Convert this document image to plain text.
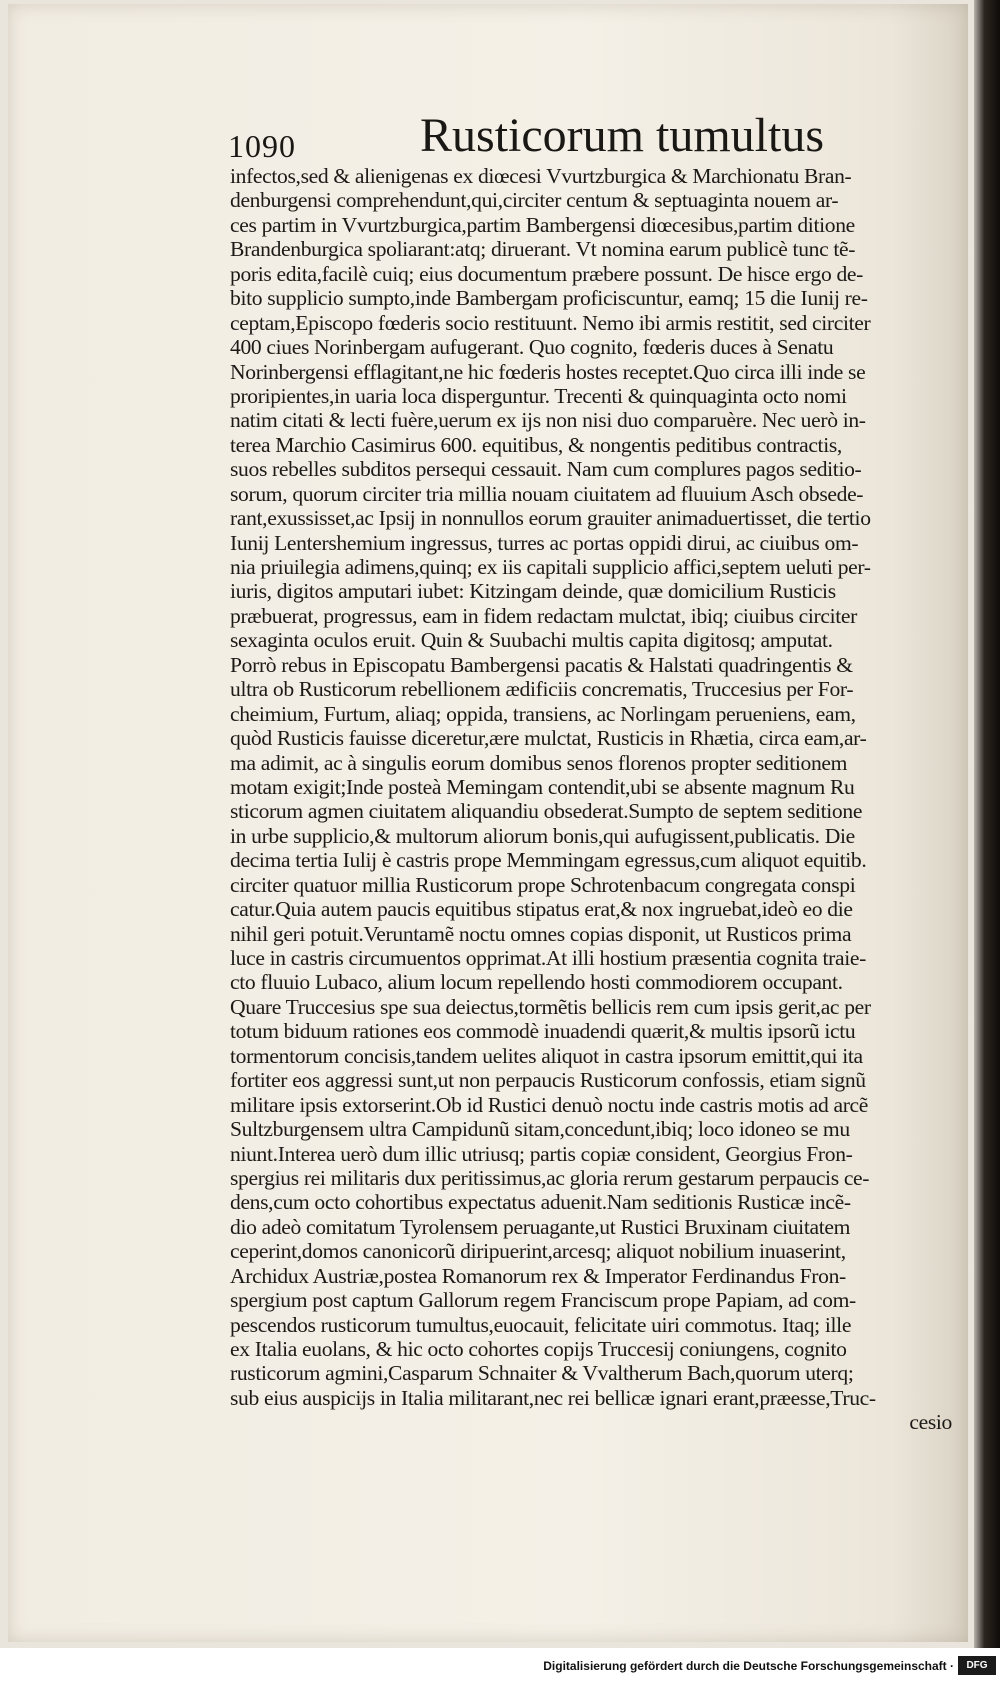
1090	Rusticorum tumultus
infectos,sed & alienigenas ex diœcesi Vvurtzburgica & Marchionatu Bran-
denburgensi comprehendunt,qui,circiter centum & septuaginta nouem ar-
ces partim in Vvurtzburgica,partim Bambergensi diœcesibus,partim ditione
Brandenburgica spoliarant:atq; diruerant. Vt nomina earum publicè tunc tẽ-
poris edita,facilè cuiq; eius documentum præbere possunt. De hisce ergo de-
bito supplicio sumpto,inde Bambergam proficiscuntur, eamq; 15 die Iunij re-
ceptam,Episcopo fœderis socio restituunt. Nemo ibi armis restitit, sed circiter
400 ciues Norinbergam aufugerant. Quo cognito, fœderis duces à Senatu
Norinbergensi efflagitant,ne hic fœderis hostes receptet.Quo circa illi inde se
proripientes,in uaria loca disperguntur. Trecenti & quinquaginta octo nomi
natim citati & lecti fuère,uerum ex ijs non nisi duo comparuère. Nec uerò in-
terea Marchio Casimirus 600. equitibus, & nongentis peditibus contractis,
suos rebelles subditos persequi cessauit. Nam cum complures pagos seditio-
sorum, quorum circiter tria millia nouam ciuitatem ad fluuium Asch obsede-
rant,exussisset,ac Ipsij in nonnullos eorum grauiter animaduertisset, die tertio
Iunij Lentershemium ingressus, turres ac portas oppidi dirui, ac ciuibus om-
nia priuilegia adimens,quinq; ex iis capitali supplicio affici,septem ueluti per-
iuris, digitos amputari iubet: Kitzingam deinde, quæ domicilium Rusticis
præbuerat, progressus, eam in fidem redactam mulctat, ibiq; ciuibus circiter
sexaginta oculos eruit. Quin & Suubachi multis capita digitosq; amputat.
Porrò rebus in Episcopatu Bambergensi pacatis & Halstati quadringentis &
ultra ob Rusticorum rebellionem ædificiis concrematis, Truccesius per For-
cheimium, Furtum, aliaq; oppida, transiens, ac Norlingam perueniens, eam,
quòd Rusticis fauisse diceretur,ære mulctat, Rusticis in Rhætia, circa eam,ar-
ma adimit, ac à singulis eorum domibus senos florenos propter seditionem
motam exigit;Inde posteà Memingam contendit,ubi se absente magnum Ru
sticorum agmen ciuitatem aliquandiu obsederat.Sumpto de septem seditione
in urbe supplicio,& multorum aliorum bonis,qui aufugissent,publicatis. Die
decima tertia Iulij è castris prope Memmingam egressus,cum aliquot equitib.
circiter quatuor millia Rusticorum prope Schrotenbacum congregata conspi
catur.Quia autem paucis equitibus stipatus erat,& nox ingruebat,ideò eo die
nihil geri potuit.Veruntamẽ noctu omnes copias disponit, ut Rusticos prima
luce in castris circumuentos opprimat.At illi hostium præsentia cognita traie-
cto fluuio Lubaco, alium locum repellendo hosti commodiorem occupant.
Quare Truccesius spe sua deiectus,tormẽtis bellicis rem cum ipsis gerit,ac per
totum biduum rationes eos commodè inuadendi quærit,& multis ipsorũ ictu
tormentorum concisis,tandem uelites aliquot in castra ipsorum emittit,qui ita
fortiter eos aggressi sunt,ut non perpaucis Rusticorum confossis, etiam signũ
militare ipsis extorserint.Ob id Rustici denuò noctu inde castris motis ad arcẽ
Sultzburgensem ultra Campidunũ sitam,concedunt,ibiq; loco idoneo se mu
niunt.Interea uerò dum illic utriusq; partis copiæ consident, Georgius Fron-
spergius rei militaris dux peritissimus,ac gloria rerum gestarum perpaucis ce-
dens,cum octo cohortibus expectatus aduenit.Nam seditionis Rusticæ incẽ-
dio adeò comitatum Tyrolensem peruagante,ut Rustici Bruxinam ciuitatem
ceperint,domos canonicorũ diripuerint,arcesq; aliquot nobilium inuaserint,
Archidux Austriæ,postea Romanorum rex & Imperator Ferdinandus Fron-
spergium post captum Gallorum regem Franciscum prope Papiam, ad com-
pescendos rusticorum tumultus,euocauit, felicitate uiri commotus. Itaq; ille
ex Italia euolans, & hic octo cohortes copijs Truccesij coniungens, cognito
rusticorum agmini,Casparum Schnaiter & Vvaltherum Bach,quorum uterq;
sub eius auspicijs in Italia militarant,nec rei bellicæ ignari erant,præesse,Truc-
cesio
Digitalisierung gefördert durch die Deutsche Forschungsgemeinschaft ·	DFG
